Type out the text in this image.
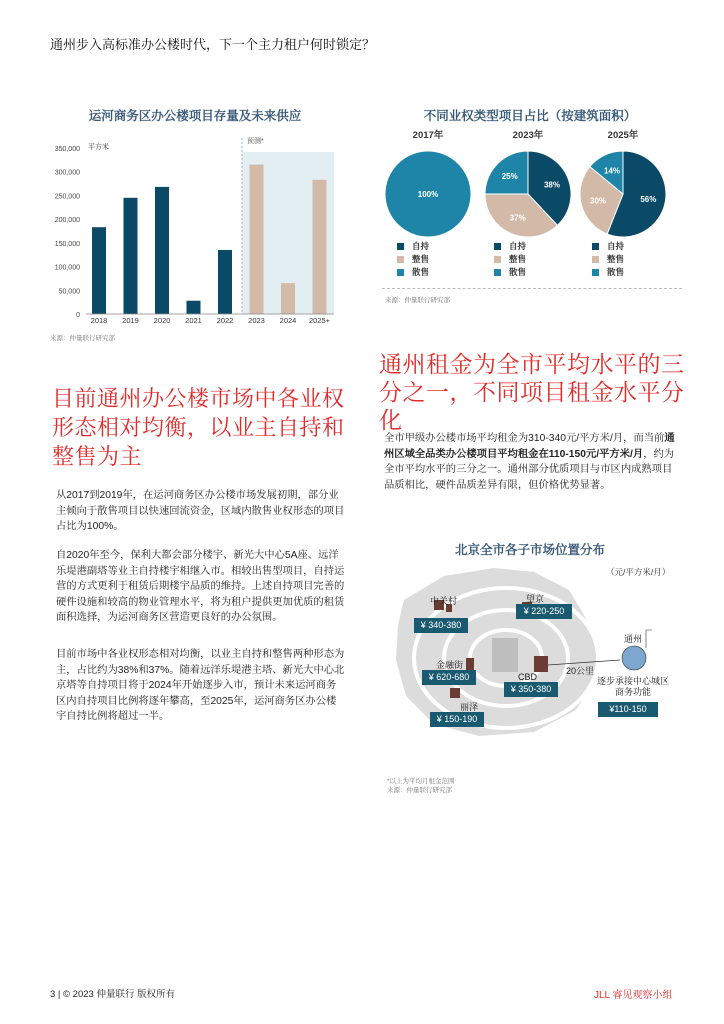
通州步入高标准办公楼时代，下一个主力租户何时锁定？
运河商务区办公楼项目存量及未来供应
预测*
平方米
350,000
300,000
250,000
200,000
150,000
100,000
50,000
0
2018 2019 2020 2021 2022 2023 2024 2025+
来源：仲量联行研究部
不同业权类型项目占比（按建筑面积）
2017年
100%
2023年
38%
37%
25%
2025年
56%
30%
14%
自持
整售
散售
自持
整售
散售
自持
整售
散售
来源：仲量联行研究部
目前通州办公楼市场中各业权形态相对均衡，以业主自持和整售为主
从2017到2019年，在运河商务区办公楼市场发展初期，部分业主倾向于散售项目以快速回流资金，区域内散售业权形态的项目占比为100%。
自2020年至今，保利大都会部分楼宇、新光大中心5A座、远洋乐堤港副塔等业主自持楼宇相继入市。相较出售型项目，自持运营的方式更利于租赁后期楼宇品质的维持。上述自持项目完善的硬件设施和较高的物业管理水平，将为租户提供更加优质的租赁面积选择，为运河商务区营造更良好的办公氛围。
目前市场中各业权形态相对均衡，以业主自持和整售两种形态为主，占比约为38%和37%。随着远洋乐堤港主塔、新光大中心北京塔等自持项目将于2024年开始逐步入市，预计未来运河商务区内自持项目比例将逐年攀高，至2025年，运河商务区办公楼宇自持比例将超过一半。
通州租金为全市平均水平的三分之一，不同项目租金水平分化
全市甲级办公楼市场平均租金为310-340元/平方米/月，而当前通州区域全品类办公楼项目平均租金在110-150元/平方米/月，约为全市平均水平的三分之一。通州部分优质项目与市区内成熟项目品质相比，硬件品质差异有限，但价格优势显著。
北京全市各子市场位置分布
（元/平方米/月）
中关村
¥ 340-380
望京
¥ 220-250
金融街
¥ 620-680	CBD
¥ 350-380
丽泽
¥ 150-190
通州
20公里
逐步承接中心城区
商务功能
¥110-150
*以上为平均月租金范围
来源：仲量联行研究部
3 | © 2023 仲量联行 版权所有	JLL 睿见观察小组
